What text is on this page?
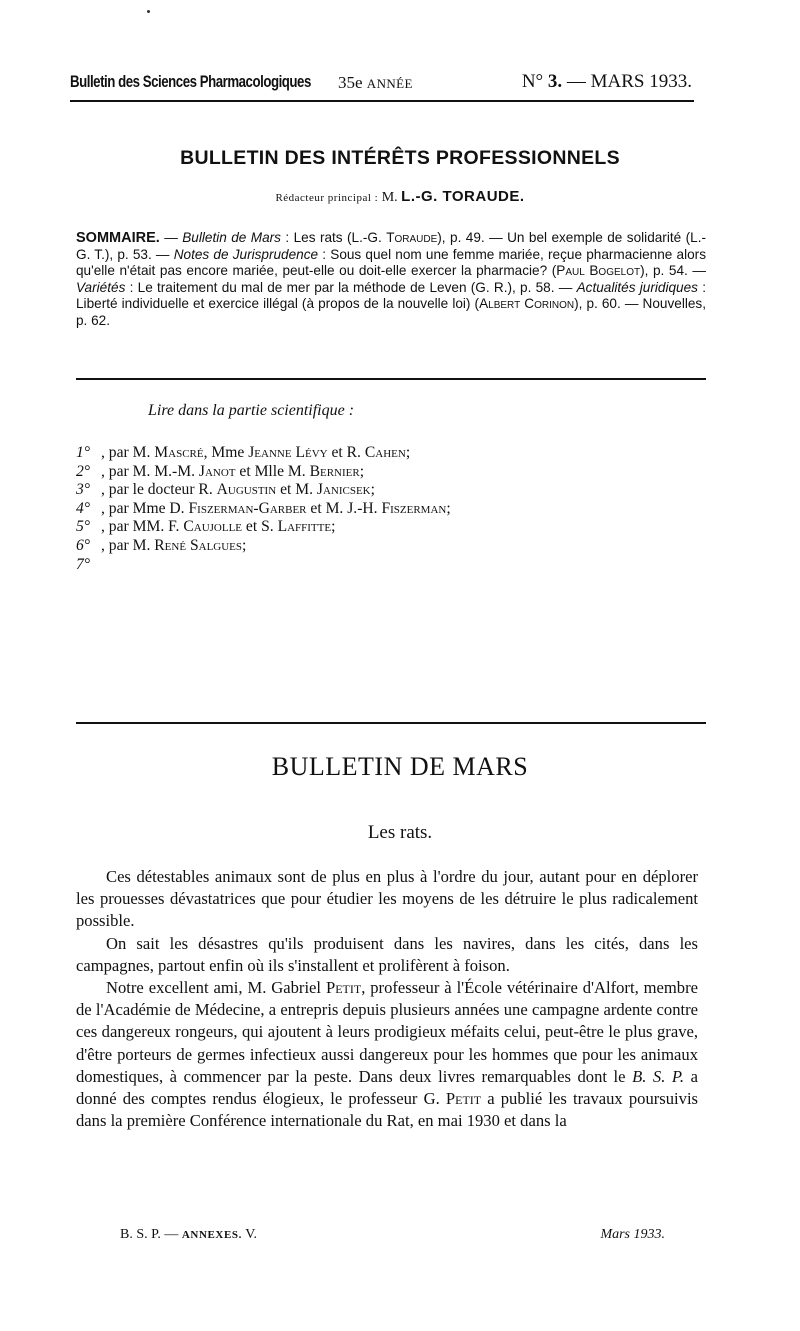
Bulletin des Sciences Pharmacologiques 35e ANNÉE	N° 3. — MARS 1933.
BULLETIN DES INTÉRÊTS PROFESSIONNELS
Rédacteur principal : M. L.-G. TORAUDE.
SOMMAIRE. — Bulletin de Mars : Les rats (L.-G. Toraude), p. 49. — Un bel exemple de solidarité (L.-G. T.), p. 53. — Notes de Jurisprudence : Sous quel nom une femme mariée, reçue pharmacienne alors qu'elle n'était pas encore mariée, peut-elle ou doit-elle exercer la pharmacie? (Paul Bogelot), p. 54. — Variétés : Le traitement du mal de mer par la méthode de Leven (G. R.), p. 58. — Actualités juridiques : Liberté individuelle et exercice illégal (à propos de la nouvelle loi) (Albert Corinon), p. 60. — Nouvelles, p. 62.
Lire dans la partie scientifique :
1° , par M. Mascré, Mme Jeanne Lévy et R. Cahen;
2° , par M. M.-M. Janot et Mlle M. Bernier;
3° , par le docteur R. Augustin et M. Janicsek;
4° , par Mme D. Fiszerman-Garber et M. J.-H. Fiszerman;
5° , par MM. F. Caujolle et S. Laffitte;
6° , par M. René Salgues;
7°
BULLETIN DE MARS
Les rats.

Ces détestables animaux sont de plus en plus à l'ordre du jour, autant pour en déplorer les prouesses dévastatrices que pour étudier les moyens de les détruire le plus radicalement possible.

On sait les désastres qu'ils produisent dans les navires, dans les cités, dans les campagnes, partout enfin où ils s'installent et prolifèrent à foison.

Notre excellent ami, M. Gabriel Petit, professeur à l'École vétérinaire d'Alfort, membre de l'Académie de Médecine, a entrepris depuis plusieurs années une campagne ardente contre ces dangereux rongeurs, qui ajoutent à leurs prodigieux méfaits celui, peut-être le plus grave, d'être porteurs de germes infectieux aussi dangereux pour les hommes que pour les animaux domestiques, à commencer par la peste. Dans deux livres remarquables dont le B. S. P. a donné des comptes rendus élogieux, le professeur G. Petit a publié les travaux poursuivis dans la première Conférence internationale du Rat, en mai 1930 et dans la

B. S. P. — ANNEXES. V.	Mars 1933.
